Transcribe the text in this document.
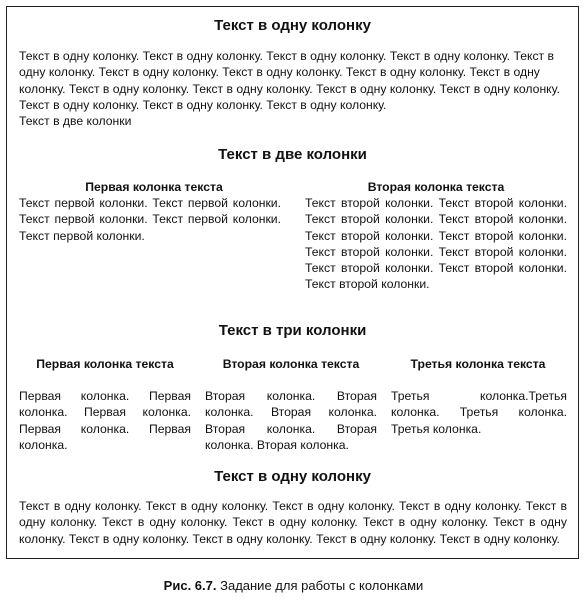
Текст в одну колонку

Текст в одну колонку. Текст в одну колонку. Текст в одну колонку. Текст в одну колонку. Текст в одну колонку. Текст в одну колонку. Текст в одну колонку. Текст в одну колонку. Текст в одну колонку. Текст в одну колонку. Текст в одну колонку. Текст в одну колонку. Текст в одну колонку. Текст в одну колонку. Текст в одну колонку. Текст в одну колонку.

Текст в две колонки

Текст в две колонки
Первая колонка текста

Текст первой колонки. Текст первой колонки. Текст первой колонки. Текст первой колонки. Текст первой колонки.

Вторая колонка текста

Текст второй колонки. Текст второй колонки. Текст второй колонки. Текст второй колонки. Текст второй колонки. Текст второй колонки. Текст второй колонки. Текст второй колонки. Текст второй колонки. Текст второй колонки. Текст второй колонки.

Текст в три колонки
Первая колонка текста

Первая колонка. Первая колонка. Первая колонка. Первая колонка. Первая колонка.

Вторая колонка текста

Вторая колонка. Вторая колонка. Вторая колонка. Вторая колонка. Вторая колонка. Вторая колонка.

Третья колонка текста

Третья колонка.Третья колонка. Третья колонка. Третья колонка.

Текст в одну колонку

Текст в одну колонку. Текст в одну колонку. Текст в одну колонку. Текст в одну колонку. Текст в одну колонку. Текст в одну колонку. Текст в одну колонку. Текст в одну колонку. Текст в одну колонку. Текст в одну колонку. Текст в одну колонку. Текст в одну колонку. Текст в одну колонку.

Рис. 6.7. Задание для работы с колонками
